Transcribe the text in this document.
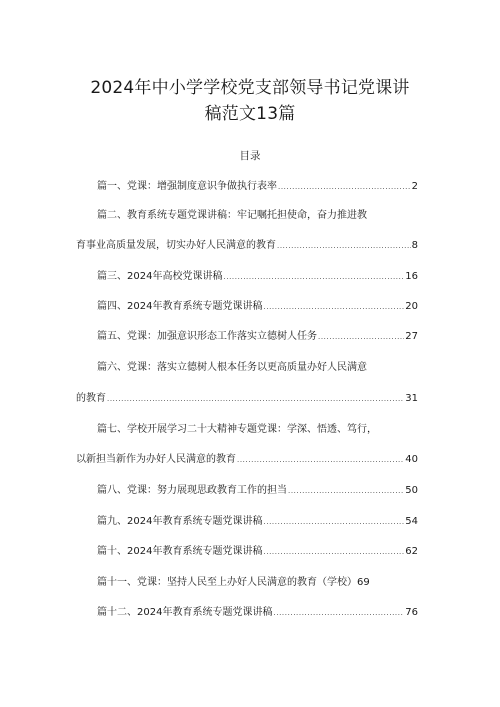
2024年中小学学校党支部领导书记党课讲
稿范文13篇
目录
篇一、党课：增强制度意识争做执行表率 .....	2
篇二、教育系统专题党课讲稿：牢记嘱托担使命，奋力推进教
育事业高质量发展，切实办好人民满意的教育 .....	8
篇三、2024年高校党课讲稿 .....	16
篇四、2024年教育系统专题党课讲稿 .....	20
篇五、党课：加强意识形态工作落实立德树人任务 .....	27
篇六、党课：落实立德树人根本任务以更高质量办好人民满意
的教育 .....	31
篇七、学校开展学习二十大精神专题党课：学深、悟透、笃行，
以新担当新作为办好人民满意的教育 .....	40
篇八、党课：努力展现思政教育工作的担当 .....	50
篇九、2024年教育系统专题党课讲稿 .....	54
篇十、2024年教育系统专题党课讲稿 .....	62
篇十一、党课：坚持人民至上办好人民满意的教育（学校）69
篇十二、2024年教育系统专题党课讲稿 .....	76
